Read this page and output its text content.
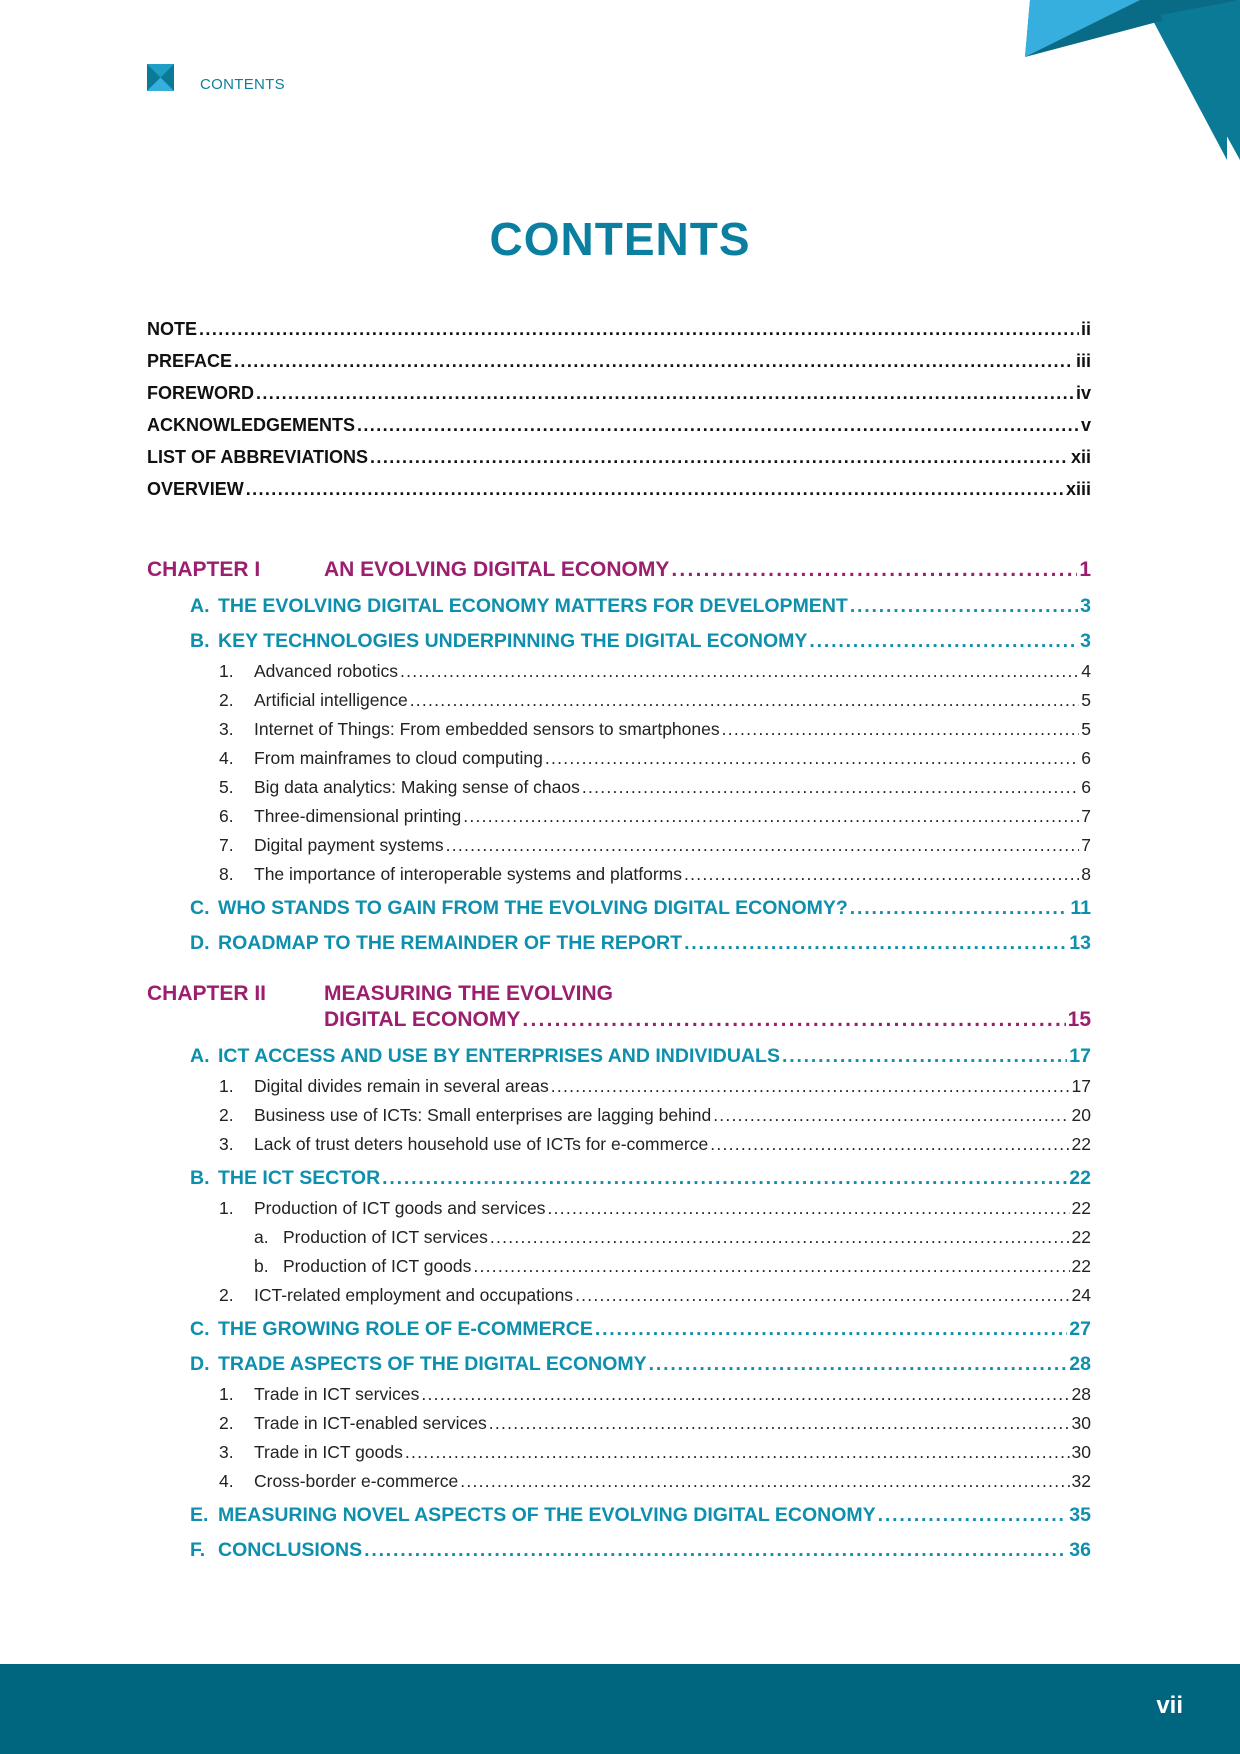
CONTENTS
CONTENTS
NOTE . . .	ii
PREFACE . . .	iii
FOREWORD . . .	iv
ACKNOWLEDGEMENTS . . .	v
LIST OF ABBREVIATIONS . . .	xii
OVERVIEW . . .	xiii
CHAPTER I	AN EVOLVING DIGITAL ECONOMY . . .	1
A. THE EVOLVING DIGITAL ECONOMY MATTERS FOR DEVELOPMENT . . .	3
B. KEY TECHNOLOGIES UNDERPINNING THE DIGITAL ECONOMY . . .	3
1.	Advanced robotics . . .	4
2.	Artificial intelligence . . .	5
3.	Internet of Things: From embedded sensors to smartphones . . .	5
4.	From mainframes to cloud computing . . .	6
5.	Big data analytics: Making sense of chaos . . .	6
6.	Three-dimensional printing . . .	7
7.	Digital payment systems . . .	7
8.	The importance of interoperable systems and platforms . . .	8
C. WHO STANDS TO GAIN FROM THE EVOLVING DIGITAL ECONOMY? . . .	11
D. ROADMAP TO THE REMAINDER OF THE REPORT . . .	13
CHAPTER II	MEASURING THE EVOLVING
DIGITAL ECONOMY . . .	15
A. ICT ACCESS AND USE BY ENTERPRISES AND INDIVIDUALS . . .	17
1.	Digital divides remain in several areas . . .	17
2.	Business use of ICTs: Small enterprises are lagging behind . . .	20
3.	Lack of trust deters household use of ICTs for e-commerce . . .	22
B. THE ICT SECTOR . . .	22
1.	Production of ICT goods and services . . .	22
a. Production of ICT services . . .	22
b. Production of ICT goods . . .	22
2.	ICT-related employment and occupations . . .	24
C. THE GROWING ROLE OF E-COMMERCE . . .	27
D. TRADE ASPECTS OF THE DIGITAL ECONOMY . . .	28
1.	Trade in ICT services . . .	28
2.	Trade in ICT-enabled services . . .	30
3.	Trade in ICT goods . . .	30
4.	Cross-border e-commerce . . .	32
E. MEASURING NOVEL ASPECTS OF THE EVOLVING DIGITAL ECONOMY . . .	35
F. CONCLUSIONS . . .	36
vii
